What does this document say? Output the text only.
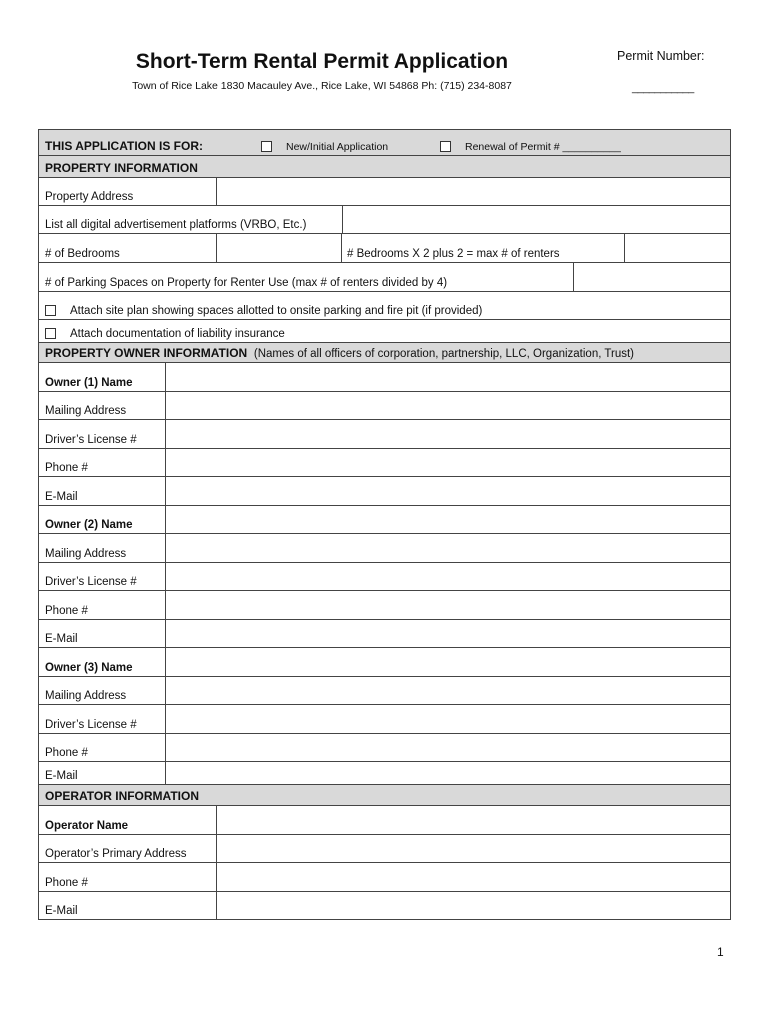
Short-Term Rental Permit Application
Town of Rice Lake 1830 Macauley Ave., Rice Lake, WI 54868 Ph: (715) 234-8087
Permit Number:
___________
THIS APPLICATION IS FOR:	New/Initial Application	Renewal of Permit # __________
PROPERTY INFORMATION
Property Address
List all digital advertisement platforms (VRBO, Etc.)
# of Bedrooms	# Bedrooms X 2 plus 2 = max # of renters
# of Parking Spaces on Property for Renter Use (max # of renters divided by 4)
Attach site plan showing spaces allotted to onsite parking and fire pit (if provided)
Attach documentation of liability insurance
PROPERTY OWNER INFORMATION
(Names of all officers of corporation, partnership, LLC, Organization, Trust)
Owner (1) Name
Mailing Address
Driver’s License #
Phone #
E-Mail
Owner (2) Name
Mailing Address
Driver’s License #
Phone #
E-Mail
Owner (3) Name
Mailing Address
Driver’s License #
Phone #
E-Mail
OPERATOR INFORMATION
Operator Name
Operator’s Primary Address
Phone #
E-Mail
1
